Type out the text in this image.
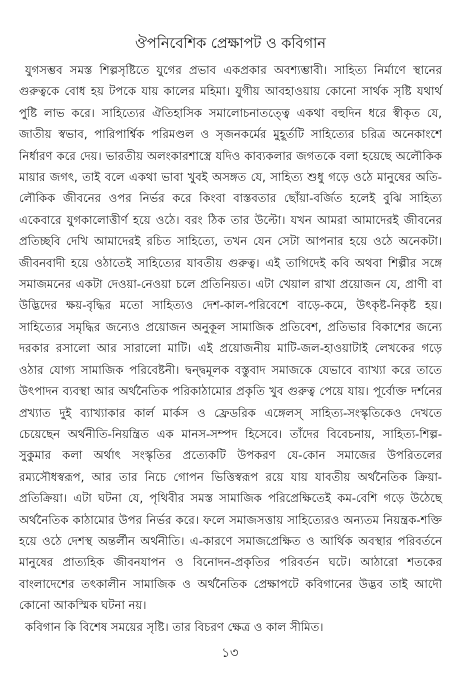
ঔপনিবেশিক প্রেক্ষাপট ও কবিগান

যুগসম্ভব সমস্ত শিল্পসৃষ্টিতে যুগের প্রভাব একপ্রকার অবশ্যম্ভাবী। সাহিত্য নির্মাণে স্থানের গুরুত্বকে বোধ হয় টপকে যায় কালের মহিমা। যুগীয় আবহাওয়ায় কোনো সার্থক সৃষ্টি যথার্থ পুষ্টি লাভ করে। সাহিত্যের ঐতিহাসিক সমালোচনাতত্ত্বে একথা বহুদিন ধরে স্বীকৃত যে, জাতীয় স্বভাব, পারিপার্শ্বিক পরিমণ্ডল ও সৃজনকর্মের মুহূর্তটি সাহিত্যের চরিত্র অনেকাংশে নির্ধারণ করে দেয়। ভারতীয় অলংকারশাস্ত্রে যদিও কাব্যকলার জগতকে বলা হয়েছে অলৌকিক মায়ার জগৎ, তাই বলে একথা ভাবা খুবই অসঙ্গত যে, সাহিত্য শুধু গড়ে ওঠে মানুষের অতি-লৌকিক জীবনের ওপর নির্ভর করে কিংবা বাস্তবতার ছোঁয়া-বর্জিত হলেই বুঝি সাহিত্য একেবারে যুগকালোত্তীর্ণ হয়ে ওঠে। বরং ঠিক তার উল্টো। যখন আমরা আমাদেরই জীবনের প্রতিচ্ছবি দেখি আমাদেরই রচিত সাহিত্যে, তখন যেন সেটা আপনার হয়ে ওঠে অনেকটা। জীবনবাদী হয়ে ওঠাতেই সাহিত্যের যাবতীয় গুরুত্ব। এই তাগিদেই কবি অথবা শিল্পীর সঙ্গে সমাজমনের একটা দেওয়া-নেওয়া চলে প্রতিনিয়ত। এটা খেয়াল রাখা প্রয়োজন যে, প্রাণী বা উদ্ভিদের ক্ষয়-বৃদ্ধির মতো সাহিত্যও দেশ-কাল-পরিবেশে বাড়ে-কমে, উৎকৃষ্ট-নিকৃষ্ট হয়। সাহিত্যের সমৃদ্ধির জন্যেও প্রয়োজন অনুকূল সামাজিক প্রতিবেশ, প্রতিভার বিকাশের জন্যে দরকার রসালো আর সারালো মাটি। এই প্রয়োজনীয় মাটি-জল-হাওয়াটাই লেখকের গড়ে ওঠার যোগ্য সামাজিক পরিবেষ্টনী। দ্বন্দ্বমূলক বস্তুবাদ সমাজকে যেভাবে ব্যাখ্যা করে তাতে উৎপাদন ব্যবস্থা আর অর্থনৈতিক পরিকাঠামোর প্রকৃতি খুব গুরুত্ব পেয়ে যায়। পূর্বোক্ত দর্শনের প্রখ্যাত দুই ব্যাখ্যাকার কার্ল মার্কস ও ফ্রেডরিক এঙ্গেলস্ সাহিত্য-সংস্কৃতিকেও দেখতে চেয়েছেন অর্থনীতি-নিয়ন্ত্রিত এক মানস-সম্পদ হিসেবে। তাঁদের বিবেচনায়, সাহিত্য-শিল্প-সুকুমার কলা অর্থাৎ সংস্কৃতির প্রত্যেকটি উপকরণ যে-কোন সমাজের উপরিতলের রম্যসৌধস্বরূপ, আর তার নিচে গোপন ভিত্তিস্বরূপ রয়ে যায় যাবতীয় অর্থনৈতিক ক্রিয়া-প্রতিক্রিয়া। এটা ঘটনা যে, পৃথিবীর সমস্ত সামাজিক পরিপ্রেক্ষিতেই কম-বেশি গড়ে উঠেছে অর্থনৈতিক কাঠামোর উপর নির্ভর করে। ফলে সমাজসত্তায় সাহিত্যেরও অন্যতম নিয়ন্ত্রক-শক্তি হয়ে ওঠে দেশস্থ অন্তর্লীন অর্থনীতি। এ-কারণে সমাজপ্রেক্ষিত ও আর্থিক অবস্থার পরিবর্তনে মানুষের প্রাত্যহিক জীবনযাপন ও বিনোদন-প্রকৃতির পরিবর্তন ঘটে। আঠারো শতকের বাংলাদেশের তৎকালীন সামাজিক ও অর্থনৈতিক প্রেক্ষাপটে কবিগানের উদ্ভব তাই আদৌ কোনো আকস্মিক ঘটনা নয়।

কবিগান কি বিশেষ সময়ের সৃষ্টি। তার বিচরণ ক্ষেত্র ও কাল সীমিত।

১৩
